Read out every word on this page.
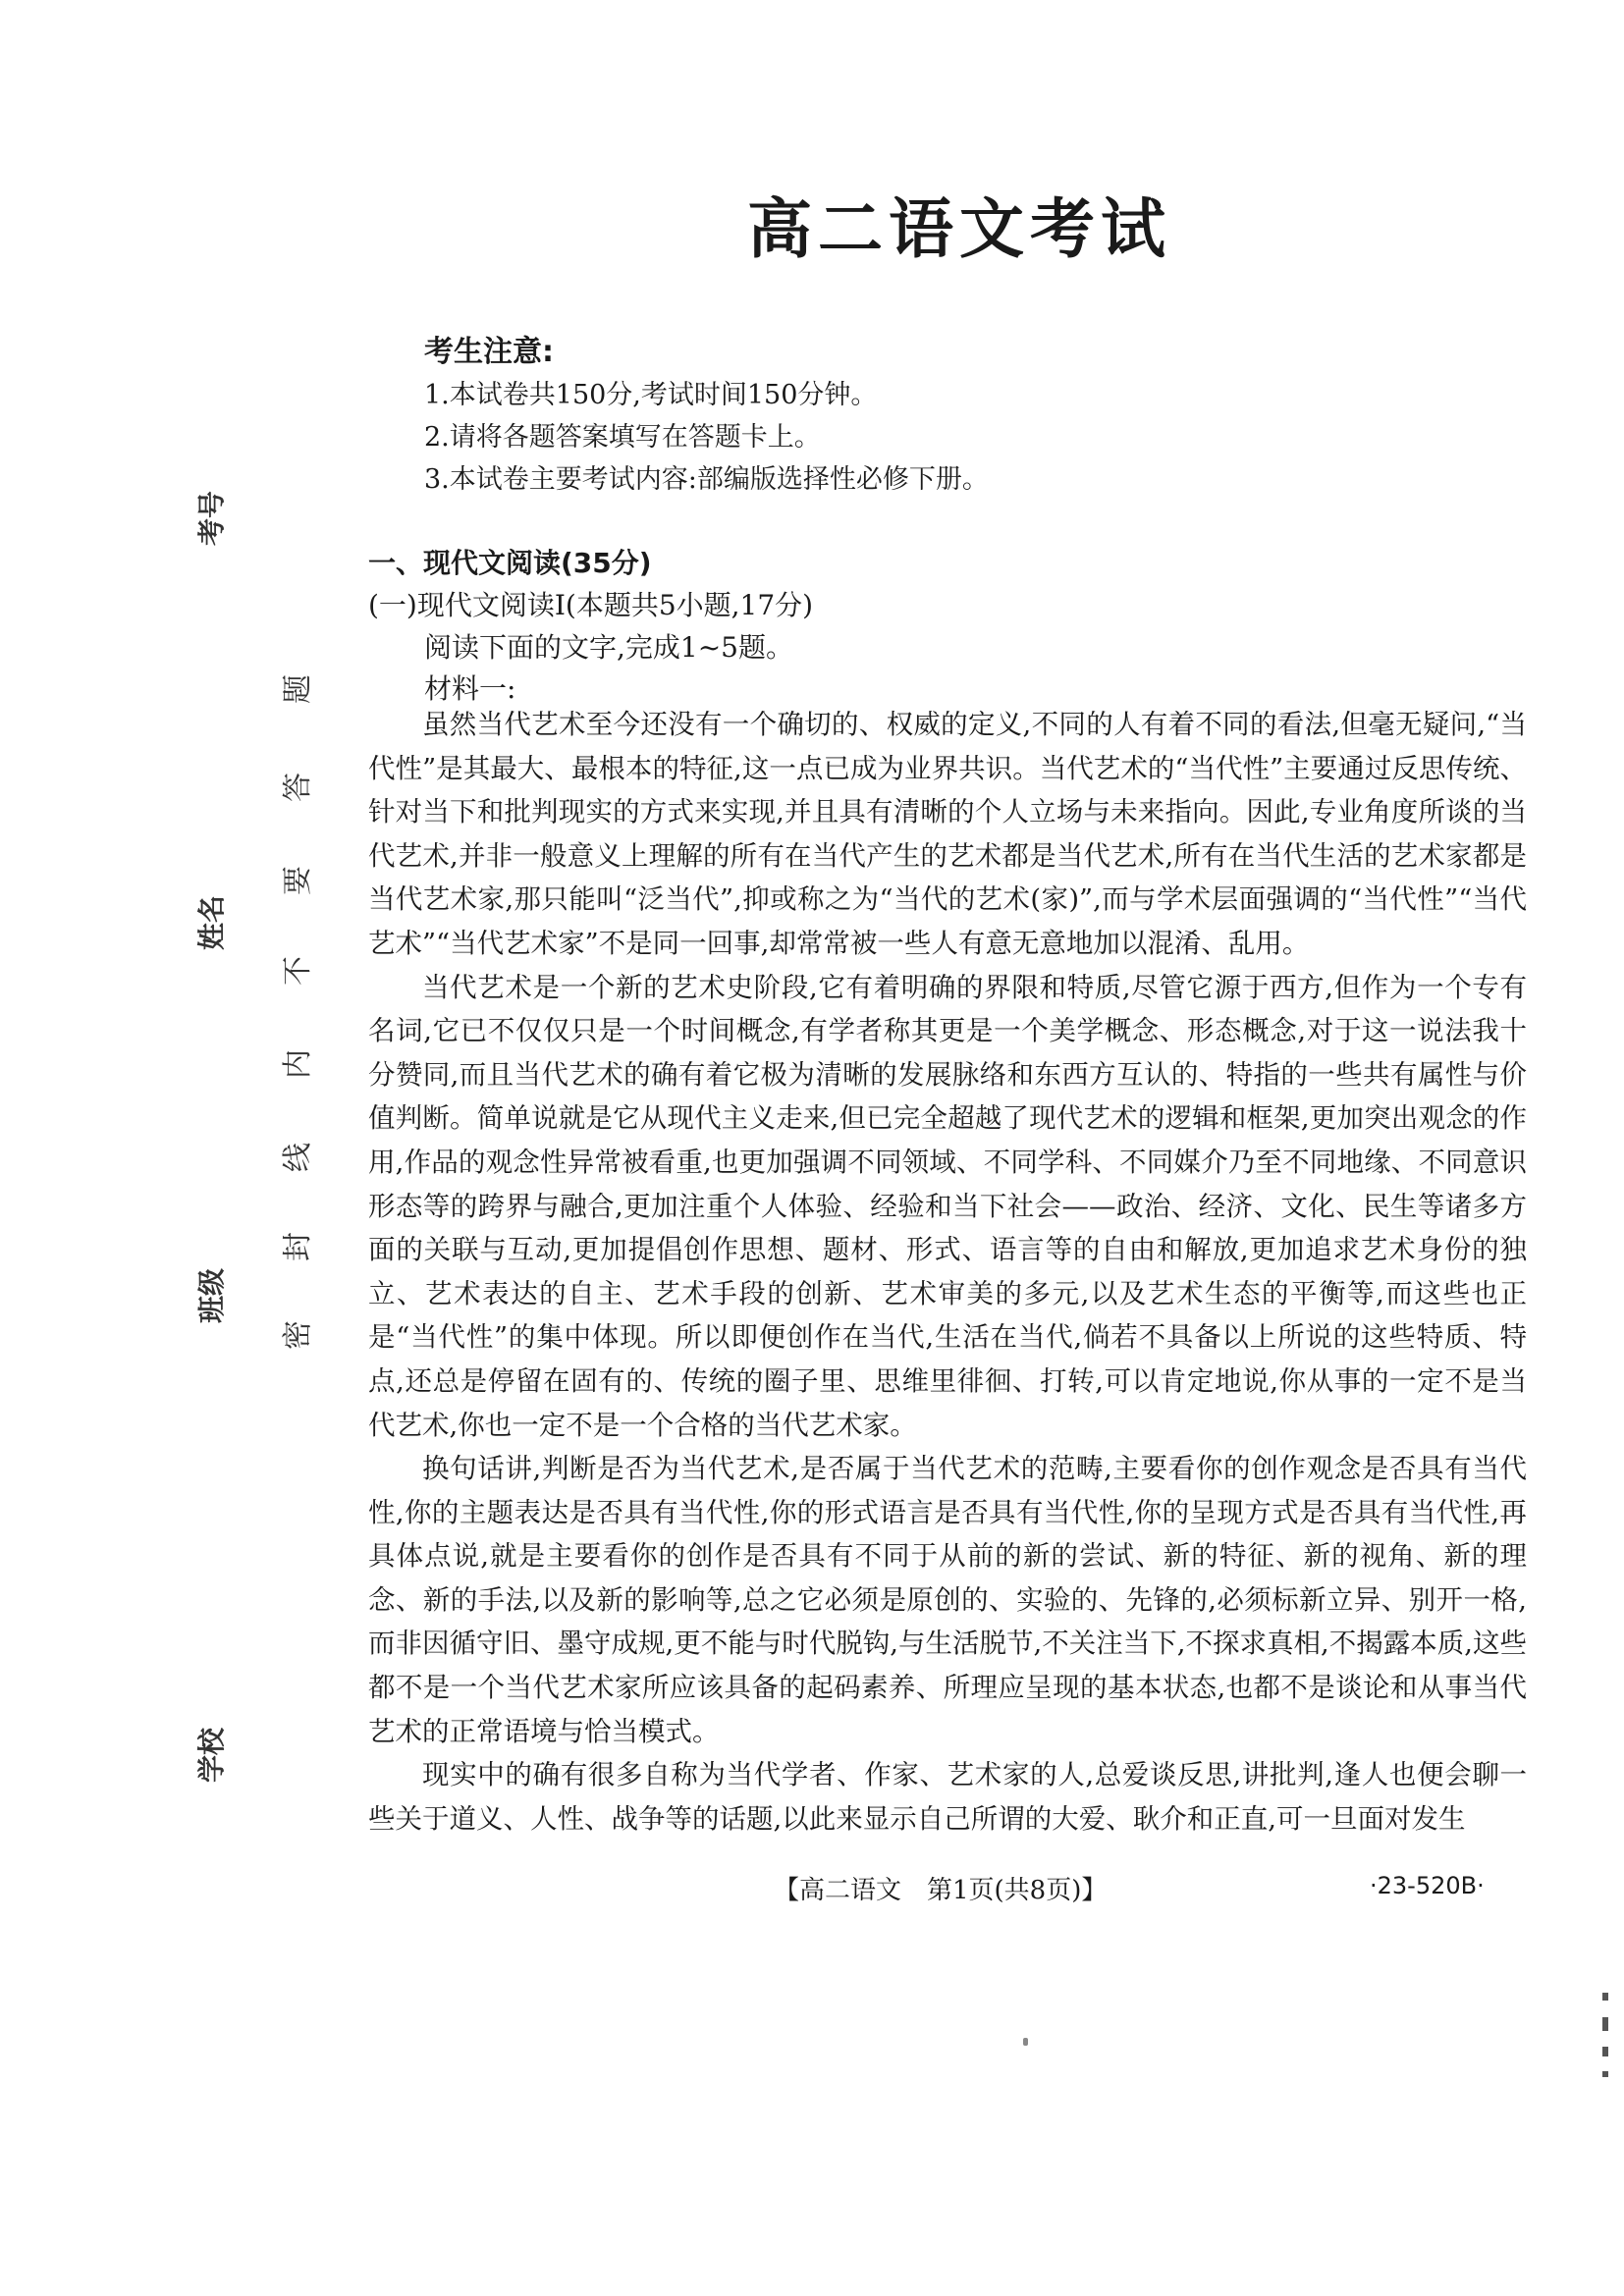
高二语文考试
考生注意:
1.本试卷共150分,考试时间150分钟。
2.请将各题答案填写在答题卡上。
3.本试卷主要考试内容:部编版选择性必修下册。
一、现代文阅读(35分)
(一)现代文阅读Ⅰ(本题共5小题,17分)
阅读下面的文字,完成1~5题。
材料一:

虽然当代艺术至今还没有一个确切的、权威的定义,不同的人有着不同的看法,但毫无疑问,“当代性”是其最大、最根本的特征,这一点已成为业界共识。当代艺术的“当代性”主要通过反思传统、针对当下和批判现实的方式来实现,并且具有清晰的个人立场与未来指向。因此,专业角度所谈的当代艺术,并非一般意义上理解的所有在当代产生的艺术都是当代艺术,所有在当代生活的艺术家都是当代艺术家,那只能叫“泛当代”,抑或称之为“当代的艺术(家)”,而与学术层面强调的“当代性”“当代艺术”“当代艺术家”不是同一回事,却常常被一些人有意无意地加以混淆、乱用。

当代艺术是一个新的艺术史阶段,它有着明确的界限和特质,尽管它源于西方,但作为一个专有名词,它已不仅仅只是一个时间概念,有学者称其更是一个美学概念、形态概念,对于这一说法我十分赞同,而且当代艺术的确有着它极为清晰的发展脉络和东西方互认的、特指的一些共有属性与价值判断。简单说就是它从现代主义走来,但已完全超越了现代艺术的逻辑和框架,更加突出观念的作用,作品的观念性异常被看重,也更加强调不同领域、不同学科、不同媒介乃至不同地缘、不同意识形态等的跨界与融合,更加注重个人体验、经验和当下社会——政治、经济、文化、民生等诸多方面的关联与互动,更加提倡创作思想、题材、形式、语言等的自由和解放,更加追求艺术身份的独立、艺术表达的自主、艺术手段的创新、艺术审美的多元,以及艺术生态的平衡等,而这些也正是“当代性”的集中体现。所以即便创作在当代,生活在当代,倘若不具备以上所说的这些特质、特点,还总是停留在固有的、传统的圈子里、思维里徘徊、打转,可以肯定地说,你从事的一定不是当代艺术,你也一定不是一个合格的当代艺术家。

换句话讲,判断是否为当代艺术,是否属于当代艺术的范畴,主要看你的创作观念是否具有当代性,你的主题表达是否具有当代性,你的形式语言是否具有当代性,你的呈现方式是否具有当代性,再具体点说,就是主要看你的创作是否具有不同于从前的新的尝试、新的特征、新的视角、新的理念、新的手法,以及新的影响等,总之它必须是原创的、实验的、先锋的,必须标新立异、别开一格,而非因循守旧、墨守成规,更不能与时代脱钩,与生活脱节,不关注当下,不探求真相,不揭露本质,这些都不是一个当代艺术家所应该具备的起码素养、所理应呈现的基本状态,也都不是谈论和从事当代艺术的正常语境与恰当模式。

现实中的确有很多自称为当代学者、作家、艺术家的人,总爱谈反思,讲批判,逢人也便会聊一些关于道义、人性、战争等的话题,以此来显示自己所谓的大爱、耿介和正直,可一旦面对发生

【高二语文　第1页(共8页)】	·23-520B·
考号
姓名
班级
学校
题
答
要
不
内
线
封
密
